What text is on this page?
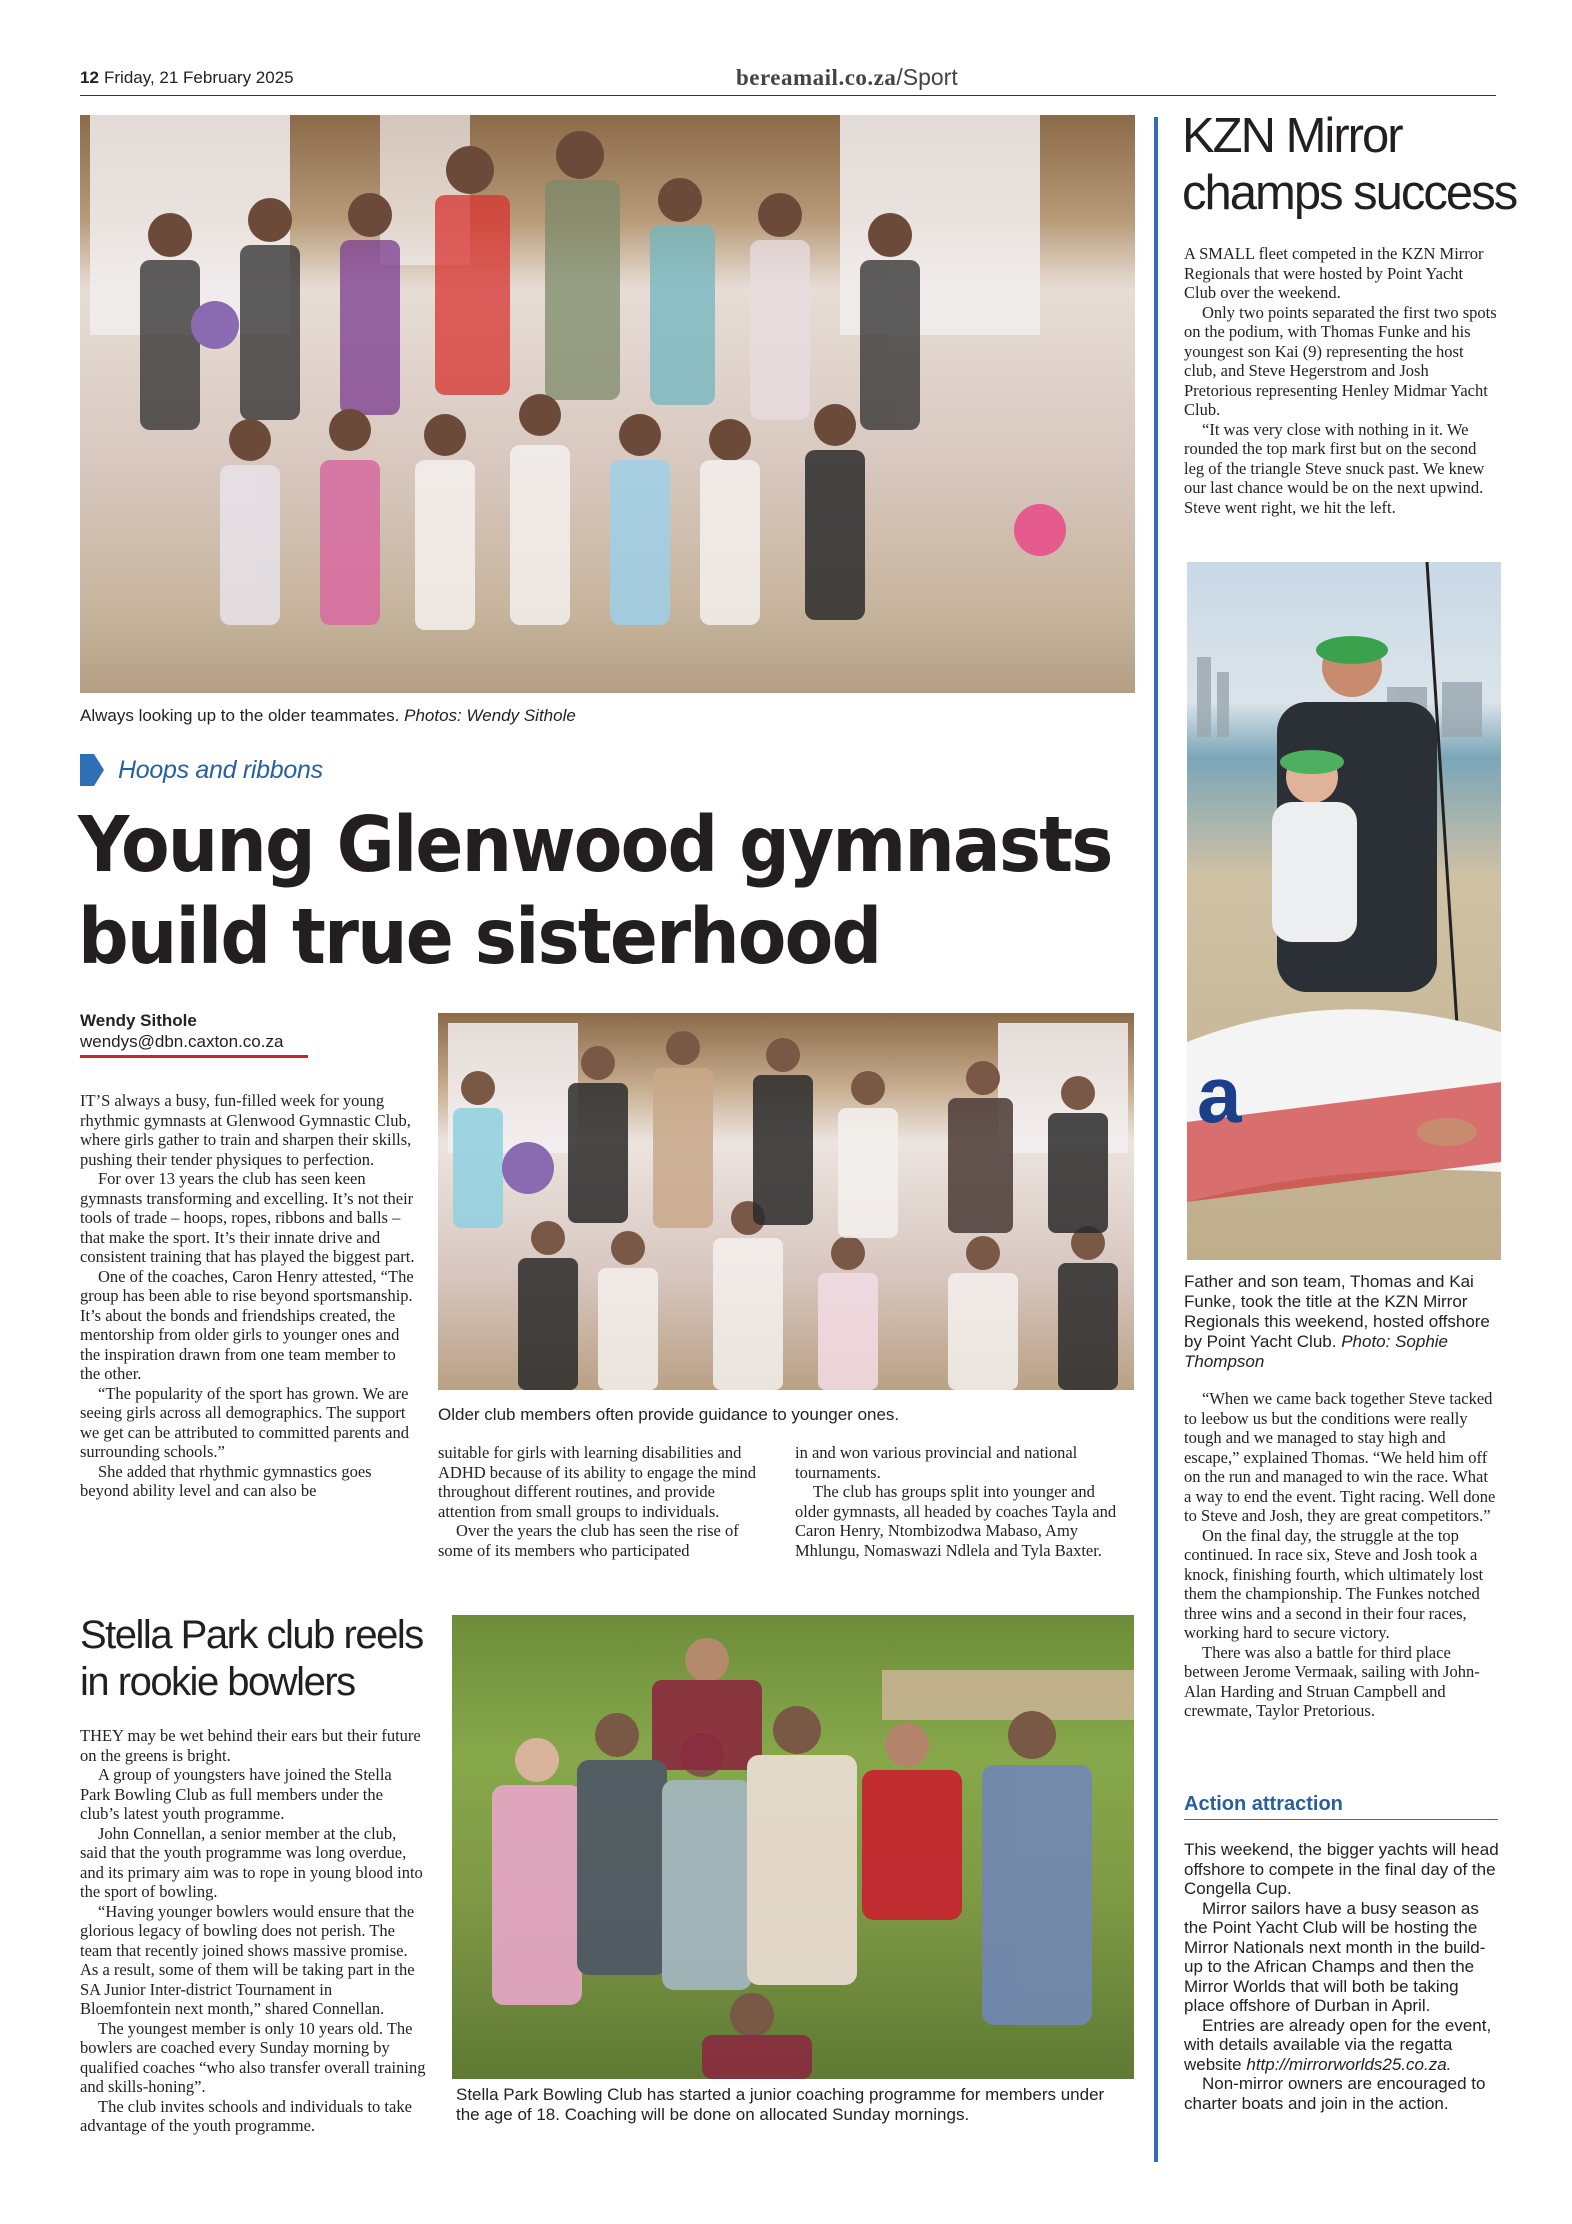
12 Friday, 21 February 2025	bereamail.co.za/Sport
Always looking up to the older teammates. Photos: Wendy Sithole
Hoops and ribbons
Young Glenwood gymnasts
build true sisterhood
Wendy Sithole
wendys@dbn.caxton.co.za
Older club members often provide guidance to younger ones.

IT’S always a busy, fun-filled week for young rhythmic gymnasts at Glenwood Gymnastic Club, where girls gather to train and sharpen their skills, pushing their tender physiques to perfection.

For over 13 years the club has seen keen gymnasts transforming and excelling. It’s not their tools of trade – hoops, ropes, ribbons and balls – that make the sport. It’s their innate drive and consistent training that has played the biggest part.

One of the coaches, Caron Henry attested, “The group has been able to rise beyond sportsmanship. It’s about the bonds and friendships created, the mentorship from older girls to younger ones and the inspiration drawn from one team member to the other.

“The popularity of the sport has grown. We are seeing girls across all demographics. The support we get can be attributed to committed parents and surrounding schools.”

She added that rhythmic gymnastics goes beyond ability level and can also be

suitable for girls with learning disabilities and ADHD because of its ability to engage the mind throughout different routines, and provide attention from small groups to individuals.

Over the years the club has seen the rise of some of its members who participated

in and won various provincial and national tournaments.

The club has groups split into younger and older gymnasts, all headed by coaches Tayla and Caron Henry, Ntombizodwa Mabaso, Amy Mhlungu, Nomaswazi Ndlela and Tyla Baxter.

Stella Park club reels
in rookie bowlers

THEY may be wet behind their ears but their future on the greens is bright.

A group of youngsters have joined the Stella Park Bowling Club as full members under the club’s latest youth programme.

John Connellan, a senior member at the club, said that the youth programme was long overdue, and its primary aim was to rope in young blood into the sport of bowling.

“Having younger bowlers would ensure that the glorious legacy of bowling does not perish. The team that recently joined shows massive promise. As a result, some of them will be taking part in the SA Junior Inter-district Tournament in Bloemfontein next month,” shared Connellan.

The youngest member is only 10 years old. The bowlers are coached every Sunday morning by qualified coaches “who also transfer overall training and skills-honing”.

The club invites schools and individuals to take advantage of the youth programme.

Stella Park Bowling Club has started a junior coaching programme for members under the age of 18. Coaching will be done on allocated Sunday mornings.
KZN Mirror
champs success

A SMALL fleet competed in the KZN Mirror Regionals that were hosted by Point Yacht Club over the weekend.

Only two points separated the first two spots on the podium, with Thomas Funke and his youngest son Kai (9) representing the host club, and Steve Hegerstrom and Josh Pretorious representing Henley Midmar Yacht Club.

“It was very close with nothing in it. We rounded the top mark first but on the second leg of the triangle Steve snuck past. We knew our last chance would be on the next upwind. Steve went right, we hit the left.

a
Father and son team, Thomas and Kai Funke, took the title at the KZN Mirror Regionals this weekend, hosted offshore by Point Yacht Club. Photo: Sophie Thompson

“When we came back together Steve tacked to leebow us but the conditions were really tough and we managed to stay high and escape,” explained Thomas. “We held him off on the run and managed to win the race. What a way to end the event. Tight racing. Well done to Steve and Josh, they are great competitors.”

On the final day, the struggle at the top continued. In race six, Steve and Josh took a knock, finishing fourth, which ultimately lost them the championship. The Funkes notched three wins and a second in their four races, working hard to secure victory.

There was also a battle for third place between Jerome Vermaak, sailing with John-Alan Harding and Struan Campbell and crewmate, Taylor Pretorious.

Action attraction

This weekend, the bigger yachts will head offshore to compete in the final day of the Congella Cup.

Mirror sailors have a busy season as the Point Yacht Club will be hosting the Mirror Nationals next month in the build-up to the African Champs and then the Mirror Worlds that will both be taking place offshore of Durban in April.

Entries are already open for the event, with details available via the regatta website http://mirrorworlds25.co.za.

Non-mirror owners are encouraged to charter boats and join in the action.
